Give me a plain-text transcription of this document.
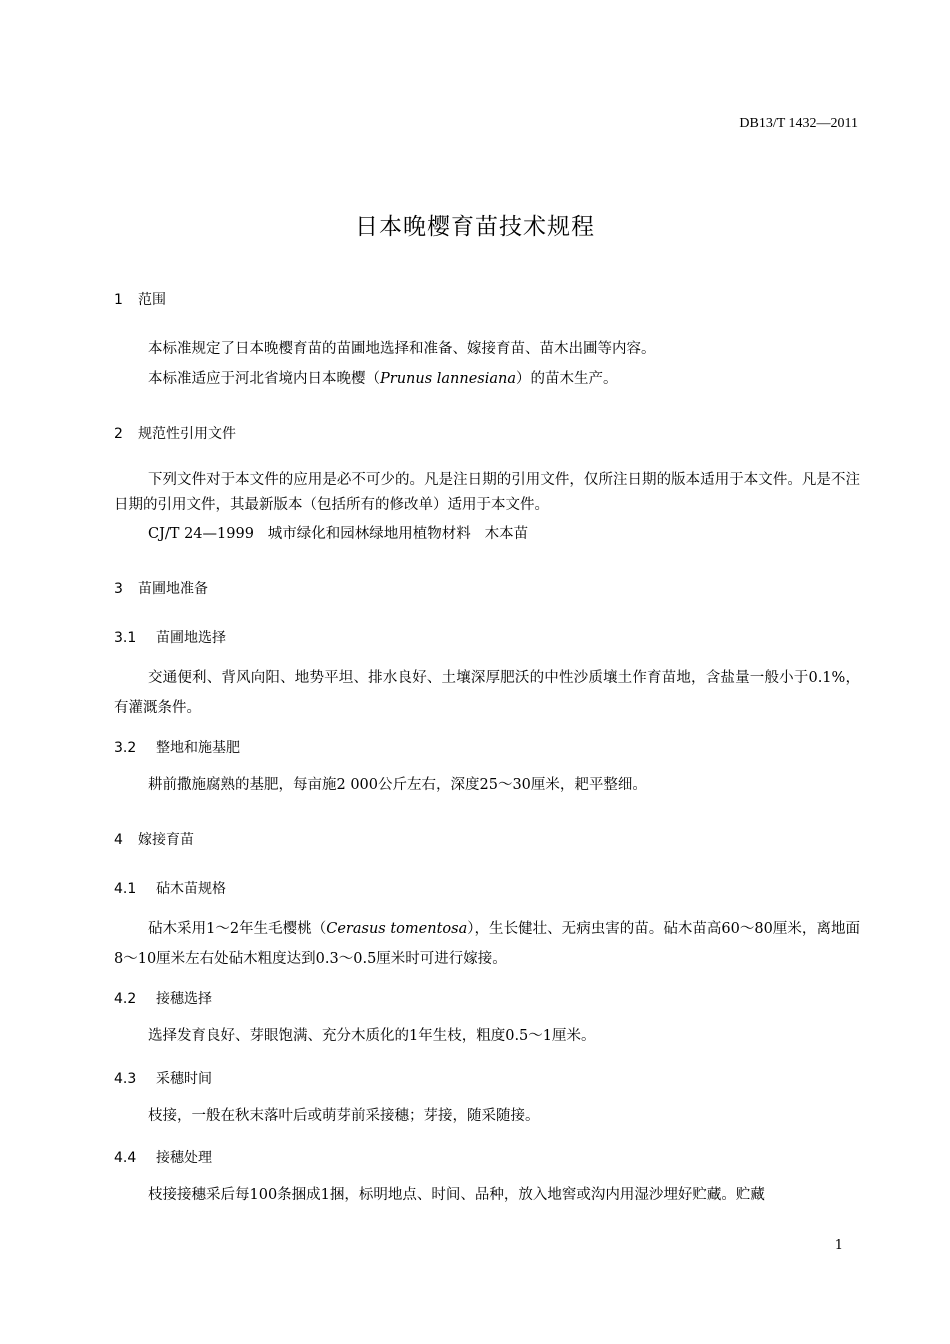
DB13/T 1432—2011
日本晚樱育苗技术规程
1 范围
本标准规定了日本晚樱育苗的苗圃地选择和准备、嫁接育苗、苗木出圃等内容。
本标准适应于河北省境内日本晚樱（Prunus lannesiana）的苗木生产。
2 规范性引用文件
下列文件对于本文件的应用是必不可少的。凡是注日期的引用文件，仅所注日期的版本适用于本文件。凡是不注日期的引用文件，其最新版本（包括所有的修改单）适用于本文件。
CJ/T 24—1999   城市绿化和园林绿地用植物材料   木本苗
3 苗圃地准备
3.1 苗圃地选择
交通便利、背风向阳、地势平坦、排水良好、土壤深厚肥沃的中性沙质壤土作育苗地，含盐量一般小于0.1%，有灌溉条件。
3.2 整地和施基肥
耕前撒施腐熟的基肥，每亩施2 000公斤左右，深度25～30厘米，耙平整细。
4 嫁接育苗
4.1 砧木苗规格
砧木采用1～2年生毛樱桃（Cerasus tomentosa），生长健壮、无病虫害的苗。砧木苗高60～80厘米，离地面8～10厘米左右处砧木粗度达到0.3～0.5厘米时可进行嫁接。
4.2 接穗选择
选择发育良好、芽眼饱满、充分木质化的1年生枝，粗度0.5～1厘米。
4.3 采穗时间
枝接，一般在秋末落叶后或萌芽前采接穗；芽接，随采随接。
4.4 接穗处理
枝接接穗采后每100条捆成1捆，标明地点、时间、品种，放入地窖或沟内用湿沙埋好贮藏。贮藏
1
